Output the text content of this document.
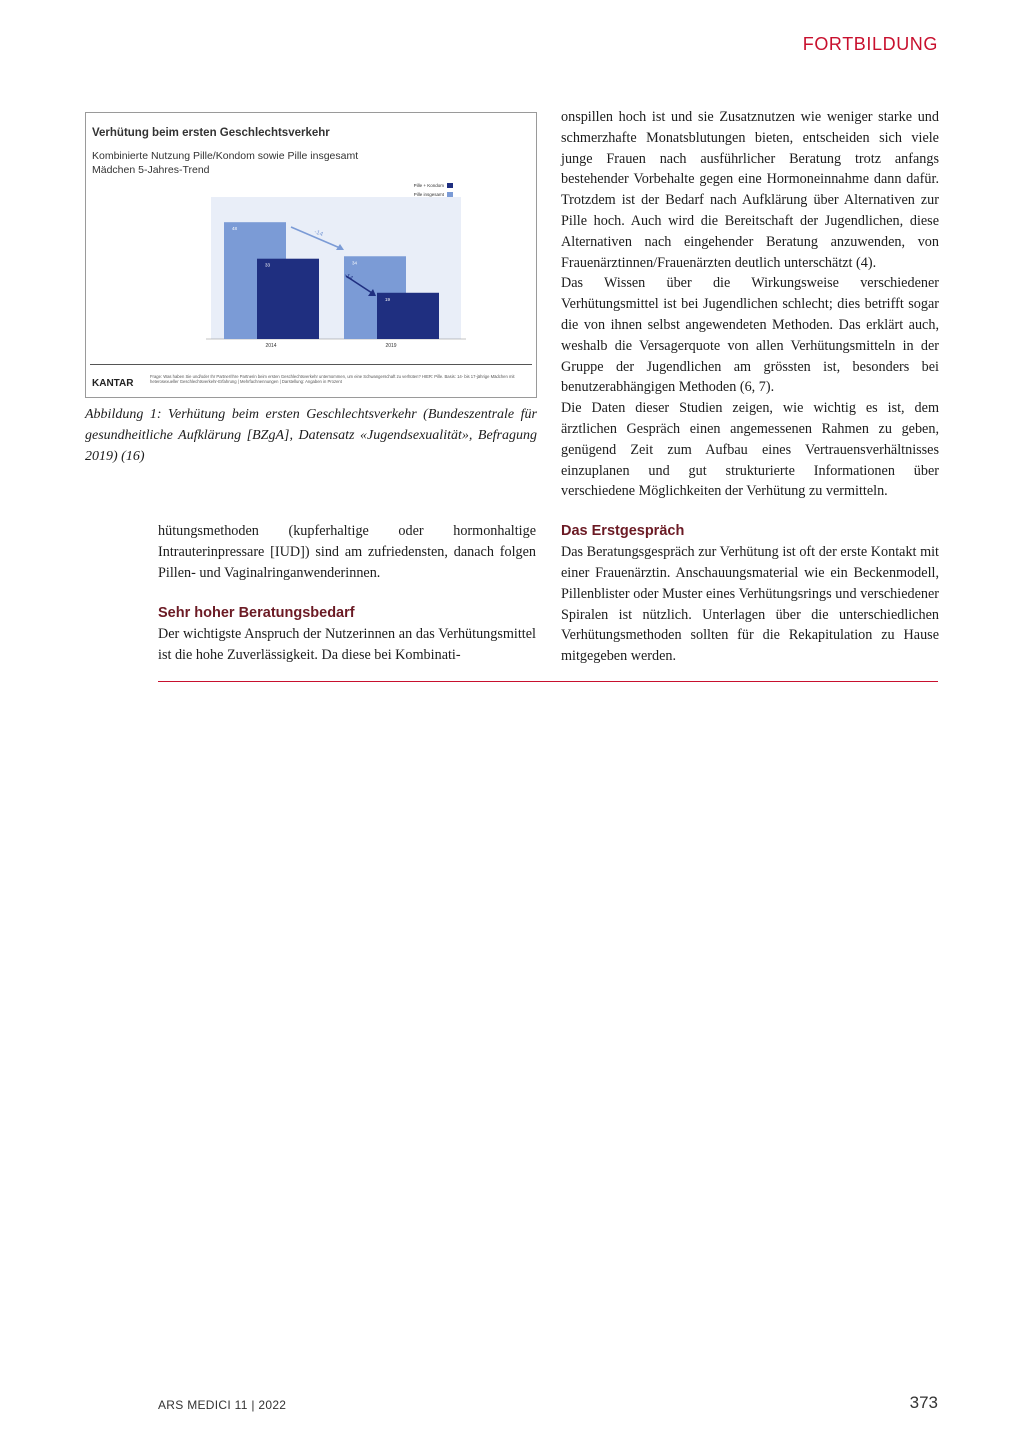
FORTBILDUNG
Verhütung beim ersten Geschlechtsverkehr
Kombinierte Nutzung Pille/Kondom sowie Pille insgesamt
Mädchen 5-Jahres-Trend
48
33
2014
34
19
2019
-14
-14
Pille + Kondom
Pille insgesamt
KANTAR
Frage: Was haben Sie und/oder Ihr Partner/Ihre Partnerin beim ersten Geschlechtsverkehr unternommen, um eine Schwangerschaft zu verhüten? HIER: Pille. Basis: 14- bis 17-jährige Mädchen mit heterosexueller Geschlechtsverkehr-Erfahrung | Mehrfachnennungen | Darstellung: Angaben in Prozent
Abbildung 1: Verhütung beim ersten Geschlechtsverkehr (Bundeszentrale für gesundheitliche Aufklärung [BZgA], Datensatz «Jugendsexualität», Befragung 2019) (16)

hütungsmethoden (kupferhaltige oder hormonhaltige Intrauterinpressare [IUD]) sind am zufriedensten, danach folgen Pillen- und Vaginalringanwenderinnen.

Sehr hoher Beratungsbedarf

Der wichtigste Anspruch der Nutzerinnen an das Verhütungsmittel ist die hohe Zuverlässigkeit. Da diese bei Kombinati-

onspillen hoch ist und sie Zusatznutzen wie weniger starke und schmerzhafte Monatsblutungen bieten, entscheiden sich viele junge Frauen nach ausführlicher Beratung trotz anfangs bestehender Vorbehalte gegen eine Hormoneinnahme dann dafür. Trotzdem ist der Bedarf nach Aufklärung über Alternativen zur Pille hoch. Auch wird die Bereitschaft der Jugendlichen, diese Alternativen nach eingehender Beratung anzuwenden, von Frauenärztinnen/Frauenärzten deutlich unterschätzt (4).

Das Wissen über die Wirkungsweise verschiedener Verhütungsmittel ist bei Jugendlichen schlecht; dies betrifft sogar die von ihnen selbst angewendeten Methoden. Das erklärt auch, weshalb die Versagerquote von allen Verhütungsmitteln in der Gruppe der Jugendlichen am grössten ist, besonders bei benutzerabhängigen Methoden (6, 7).

Die Daten dieser Studien zeigen, wie wichtig es ist, dem ärztlichen Gespräch einen angemessenen Rahmen zu geben, genügend Zeit zum Aufbau eines Vertrauensverhältnisses einzuplanen und gut strukturierte Informationen über verschiedene Möglichkeiten der Verhütung zu vermitteln.

Das Erstgespräch

Das Beratungsgespräch zur Verhütung ist oft der erste Kontakt mit einer Frauenärztin. Anschauungsmaterial wie ein Beckenmodell, Pillenblister oder Muster eines Verhütungsrings und verschiedener Spiralen ist nützlich. Unterlagen über die unterschiedlichen Verhütungsmethoden sollten für die Rekapitulation zu Hause mitgegeben werden.

ARS MEDICI 11 | 2022	373
